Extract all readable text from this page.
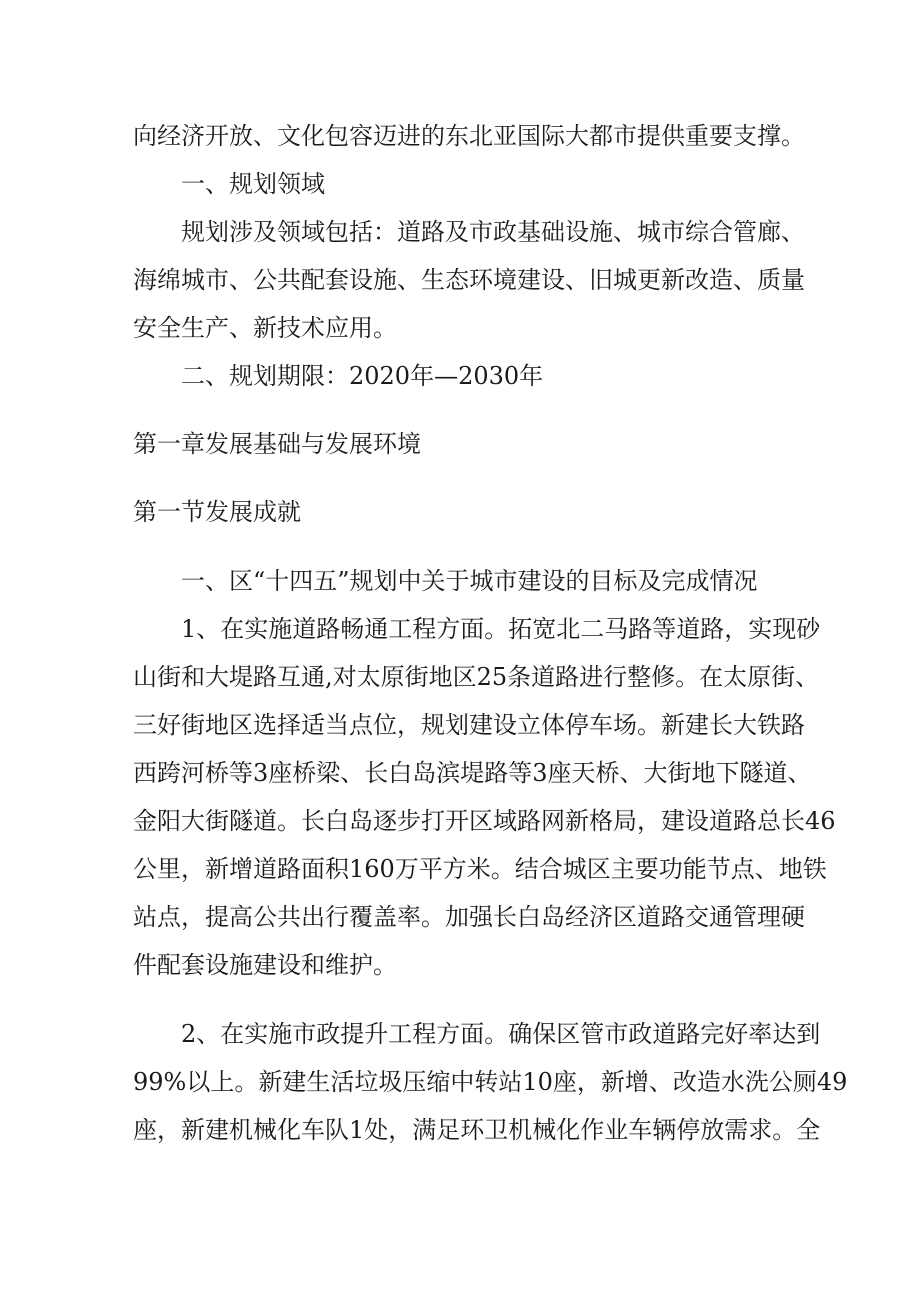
向经济开放、文化包容迈进的东北亚国际大都市提供重要支撑。

一、规划领域

规划涉及领域包括：道路及市政基础设施、城市综合管廊、

海绵城市、公共配套设施、生态环境建设、旧城更新改造、质量

安全生产、新技术应用。

二、规划期限：2020年—2030年

第一章发展基础与发展环境

第一节发展成就

一、区“十四五”规划中关于城市建设的目标及完成情况

1、在实施道路畅通工程方面。拓宽北二马路等道路，实现砂

山街和大堤路互通,对太原街地区25条道路进行整修。在太原街、

三好街地区选择适当点位，规划建设立体停车场。新建长大铁路

西跨河桥等3座桥梁、长白岛滨堤路等3座天桥、大街地下隧道、

金阳大街隧道。长白岛逐步打开区域路网新格局，建设道路总长46

公里，新增道路面积160万平方米。结合城区主要功能节点、地铁

站点，提高公共出行覆盖率。加强长白岛经济区道路交通管理硬

件配套设施建设和维护。

2、在实施市政提升工程方面。确保区管市政道路完好率达到

99%以上。新建生活垃圾压缩中转站10座，新增、改造水洗公厕49

座，新建机械化车队1处，满足环卫机械化作业车辆停放需求。全
